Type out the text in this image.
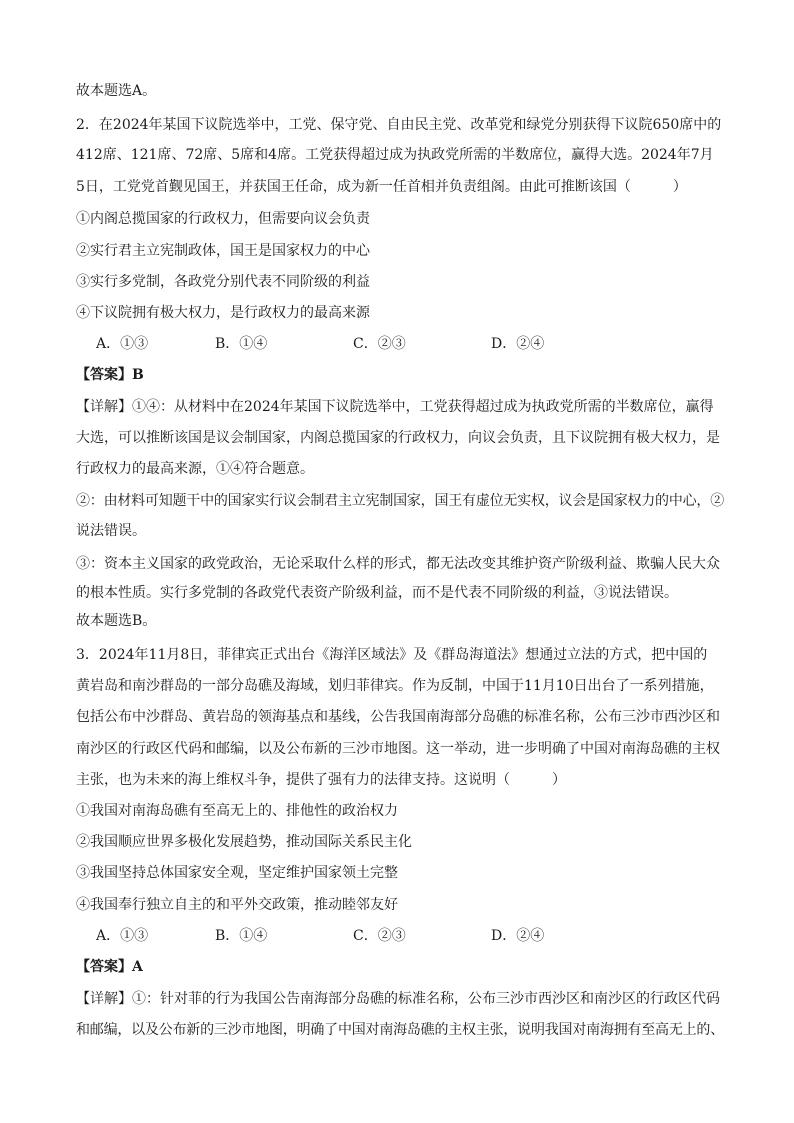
故本题选A。
2．在2024年某国下议院选举中，工党、保守党、自由民主党、改革党和绿党分别获得下议院650席中的
412席、121席、72席、5席和4席。工党获得超过成为执政党所需的半数席位，赢得大选。2024年7月
5日，工党党首觐见国王，并获国王任命，成为新一任首相并负责组阁。由此可推断该国（　　　）
①内阁总揽国家的行政权力，但需要向议会负责
②实行君主立宪制政体，国王是国家权力的中心
③实行多党制，各政党分别代表不同阶级的利益
④下议院拥有极大权力，是行政权力的最高来源
A．①③	B．①④	C．②③	D．②④
【答案】B
【详解】①④：从材料中在2024年某国下议院选举中，工党获得超过成为执政党所需的半数席位，赢得
大选，可以推断该国是议会制国家，内阁总揽国家的行政权力，向议会负责，且下议院拥有极大权力，是
行政权力的最高来源，①④符合题意。
②：由材料可知题干中的国家实行议会制君主立宪制国家，国王有虚位无实权，议会是国家权力的中心，②
说法错误。
③：资本主义国家的政党政治，无论采取什么样的形式，都无法改变其维护资产阶级利益、欺骗人民大众
的根本性质。实行多党制的各政党代表资产阶级利益，而不是代表不同阶级的利益，③说法错误。
故本题选B。
3．2024年11月8日，菲律宾正式出台《海洋区域法》及《群岛海道法》想通过立法的方式，把中国的
黄岩岛和南沙群岛的一部分岛礁及海域，划归菲律宾。作为反制，中国于11月10日出台了一系列措施，
包括公布中沙群岛、黄岩岛的领海基点和基线，公告我国南海部分岛礁的标准名称，公布三沙市西沙区和
南沙区的行政区代码和邮编，以及公布新的三沙市地图。这一举动，进一步明确了中国对南海岛礁的主权
主张，也为未来的海上维权斗争，提供了强有力的法律支持。这说明（　　　）
①我国对南海岛礁有至高无上的、排他性的政治权力
②我国顺应世界多极化发展趋势，推动国际关系民主化
③我国坚持总体国家安全观，坚定维护国家领土完整
④我国奉行独立自主的和平外交政策，推动睦邻友好
A．①③	B．①④	C．②③	D．②④
【答案】A
【详解】①：针对菲的行为我国公告南海部分岛礁的标准名称，公布三沙市西沙区和南沙区的行政区代码
和邮编，以及公布新的三沙市地图，明确了中国对南海岛礁的主权主张，说明我国对南海拥有至高无上的、
